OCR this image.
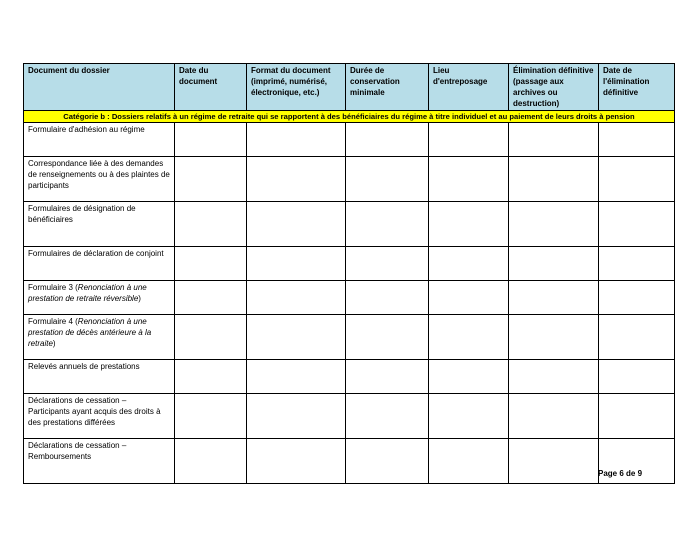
Document du dossier	Date du document	Format du document (imprimé, numérisé, électronique, etc.)	Durée de conservation minimale	Lieu d'entreposage	Élimination définitive (passage aux archives ou destruction)	Date de l'élimination définitive
Catégorie b : Dossiers relatifs à un régime de retraite qui se rapportent à des bénéficiaires du régime à titre individuel et au paiement de leurs droits à pension						
Formulaire d'adhésion au régime						
Correspondance liée à des demandes de renseignements ou à des plaintes de participants						
Formulaires de désignation de bénéficiaires						
Formulaires de déclaration de conjoint						
Formulaire 3 (Renonciation à une prestation de retraite réversible)						
Formulaire 4 (Renonciation à une prestation de décès antérieure à la retraite)						
Relevés annuels de prestations						
Déclarations de cessation – Participants ayant acquis des droits à des prestations différées						
Déclarations de cessation – Remboursements						
Page 6 de 9
